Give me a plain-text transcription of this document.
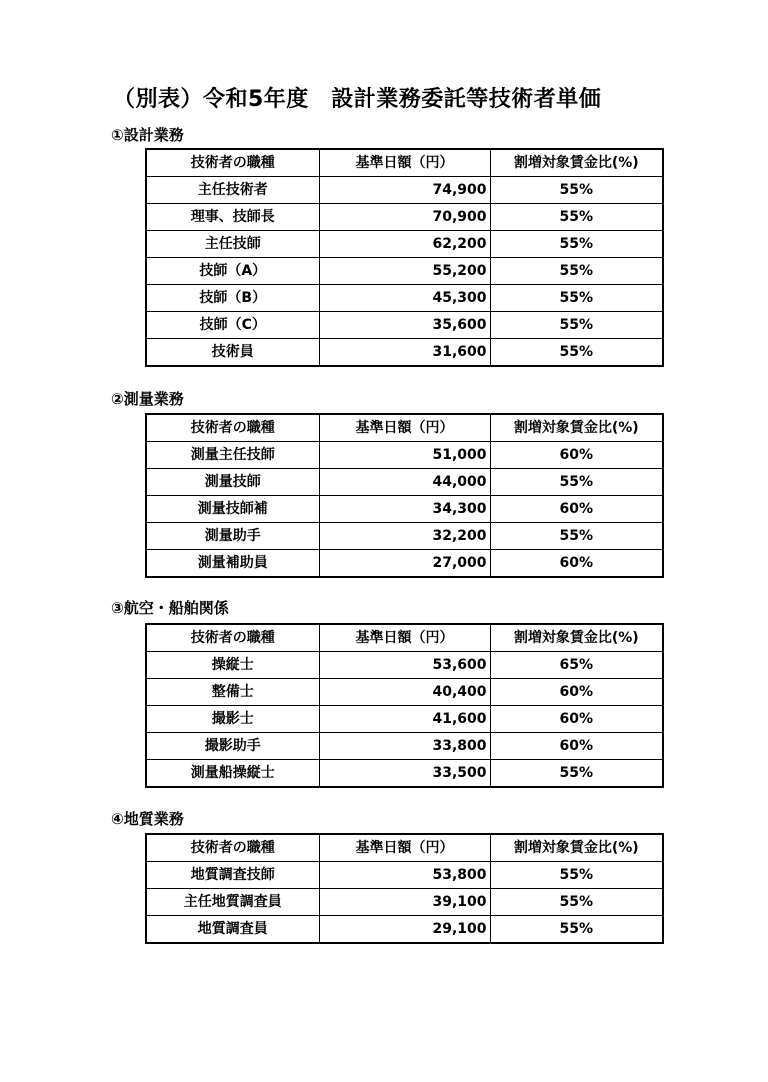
（別表）令和5年度　設計業務委託等技術者単価
①設計業務
技術者の職種	基準日額（円）	割増対象賃金比(%)
主任技術者	74,900	55%
理事、技師長	70,900	55%
主任技師	62,200	55%
技師（A）	55,200	55%
技師（B）	45,300	55%
技師（C）	35,600	55%
技術員	31,600	55%
②測量業務
技術者の職種	基準日額（円）	割増対象賃金比(%)
測量主任技師	51,000	60%
測量技師	44,000	55%
測量技師補	34,300	60%
測量助手	32,200	55%
測量補助員	27,000	60%
③航空・船舶関係
技術者の職種	基準日額（円）	割増対象賃金比(%)
操縦士	53,600	65%
整備士	40,400	60%
撮影士	41,600	60%
撮影助手	33,800	60%
測量船操縦士	33,500	55%
④地質業務
技術者の職種	基準日額（円）	割増対象賃金比(%)
地質調査技師	53,800	55%
主任地質調査員	39,100	55%
地質調査員	29,100	55%
